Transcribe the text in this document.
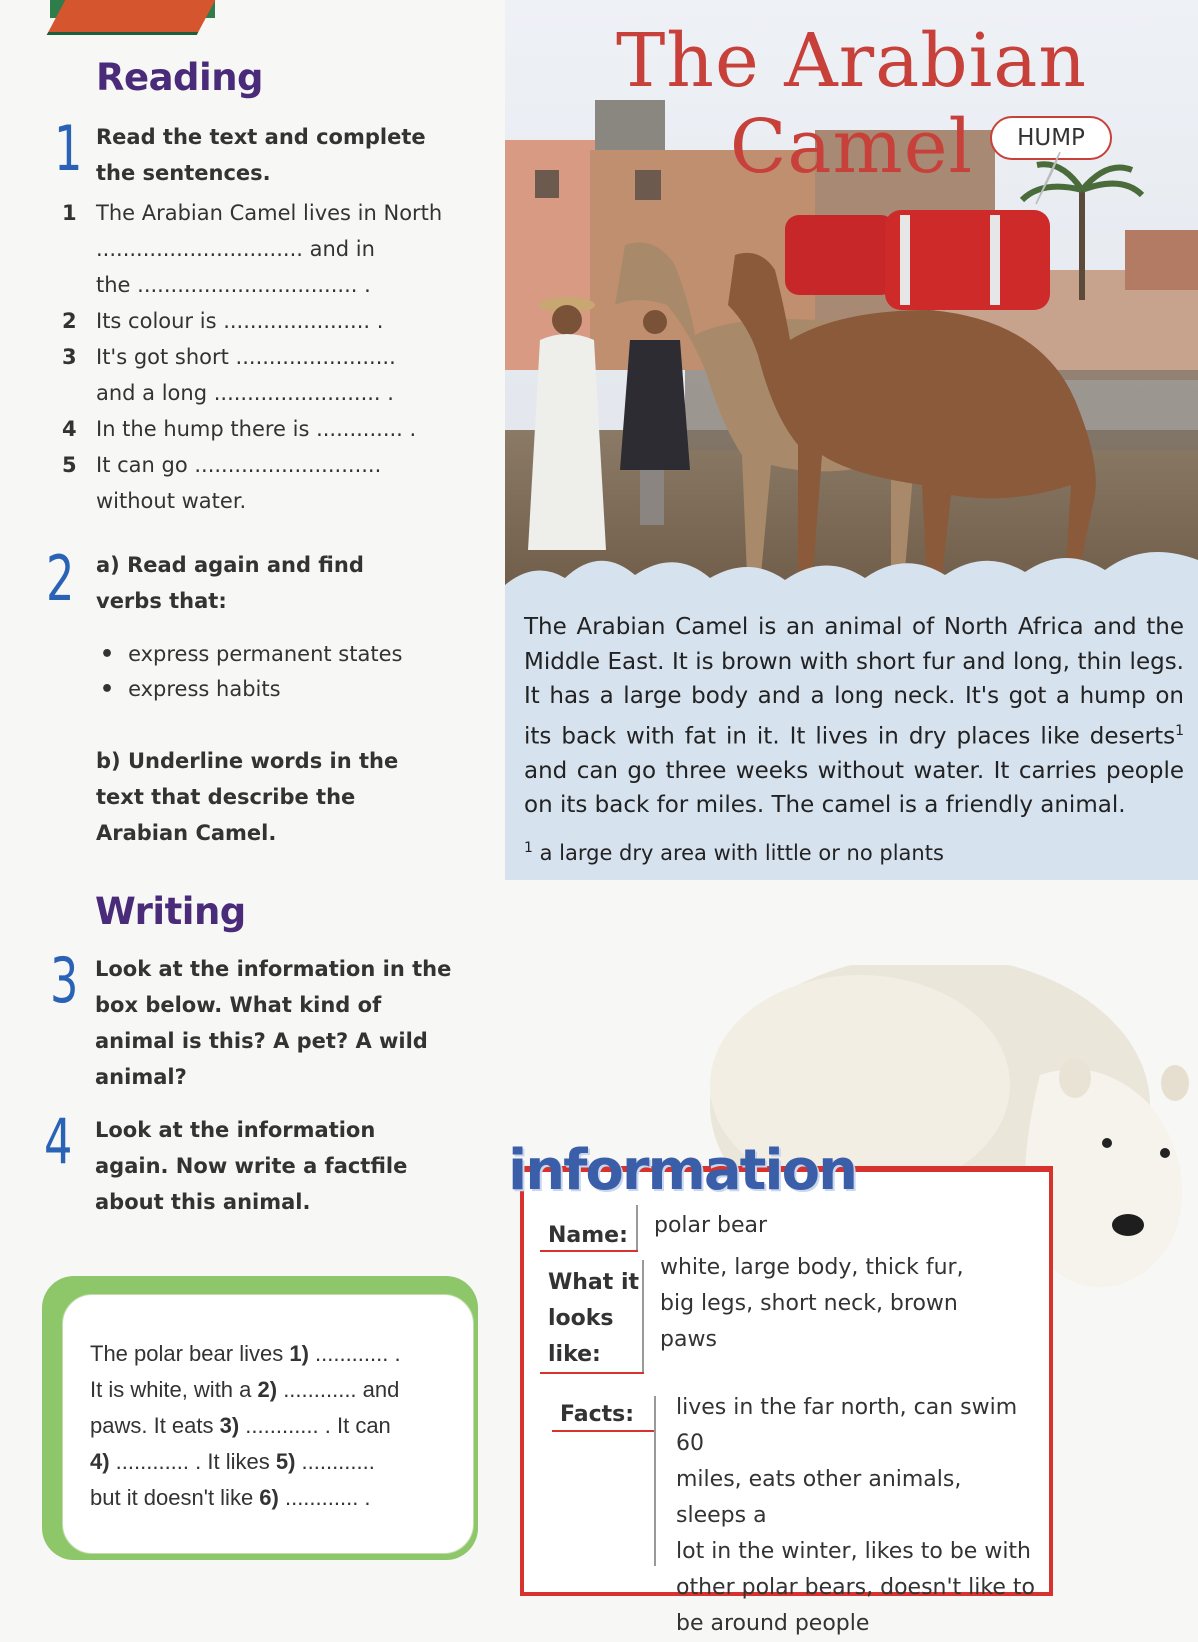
Reading
1 Read the text and complete the sentences.
1 The Arabian Camel lives in North
............................... and in
the ................................. .
2 Its colour is ...................... .
3 It's got short ........................
and a long ......................... .
4 In the hump there is ............. .
5 It can go ............................
without water.
2 a) Read again and find verbs that:
• express permanent states
• express habits
b) Underline words in the text that describe the Arabian Camel.
Writing
3 Look at the information in the box below. What kind of animal is this? A pet? A wild animal?
4 Look at the information again. Now write a factfile about this animal.
The Arabian Camel	HUMP
The Arabian Camel is an animal of North Africa and the Middle East. It is brown with short fur and long, thin legs. It has a large body and a long neck. It's got a hump on its back with fat in it. It lives in dry places like deserts$^1$ and can go three weeks without water. It carries people on its back for miles. The camel is a friendly animal.
$^1$ a large dry area with little or no plants
information
Name: polar bear
What it
looks
like:
white, large body, thick fur,
big legs, short neck, brown
paws
Facts: lives in the far north, can swim 60
miles, eats other animals, sleeps a
lot in the winter, likes to be with
other polar bears, doesn't like to
be around people
The polar bear lives 1) ............ .
It is white, with a 2) ............ and
paws. It eats 3) ............ . It can
4) ............ . It likes 5) ............
but it doesn't like 6) ............ .
